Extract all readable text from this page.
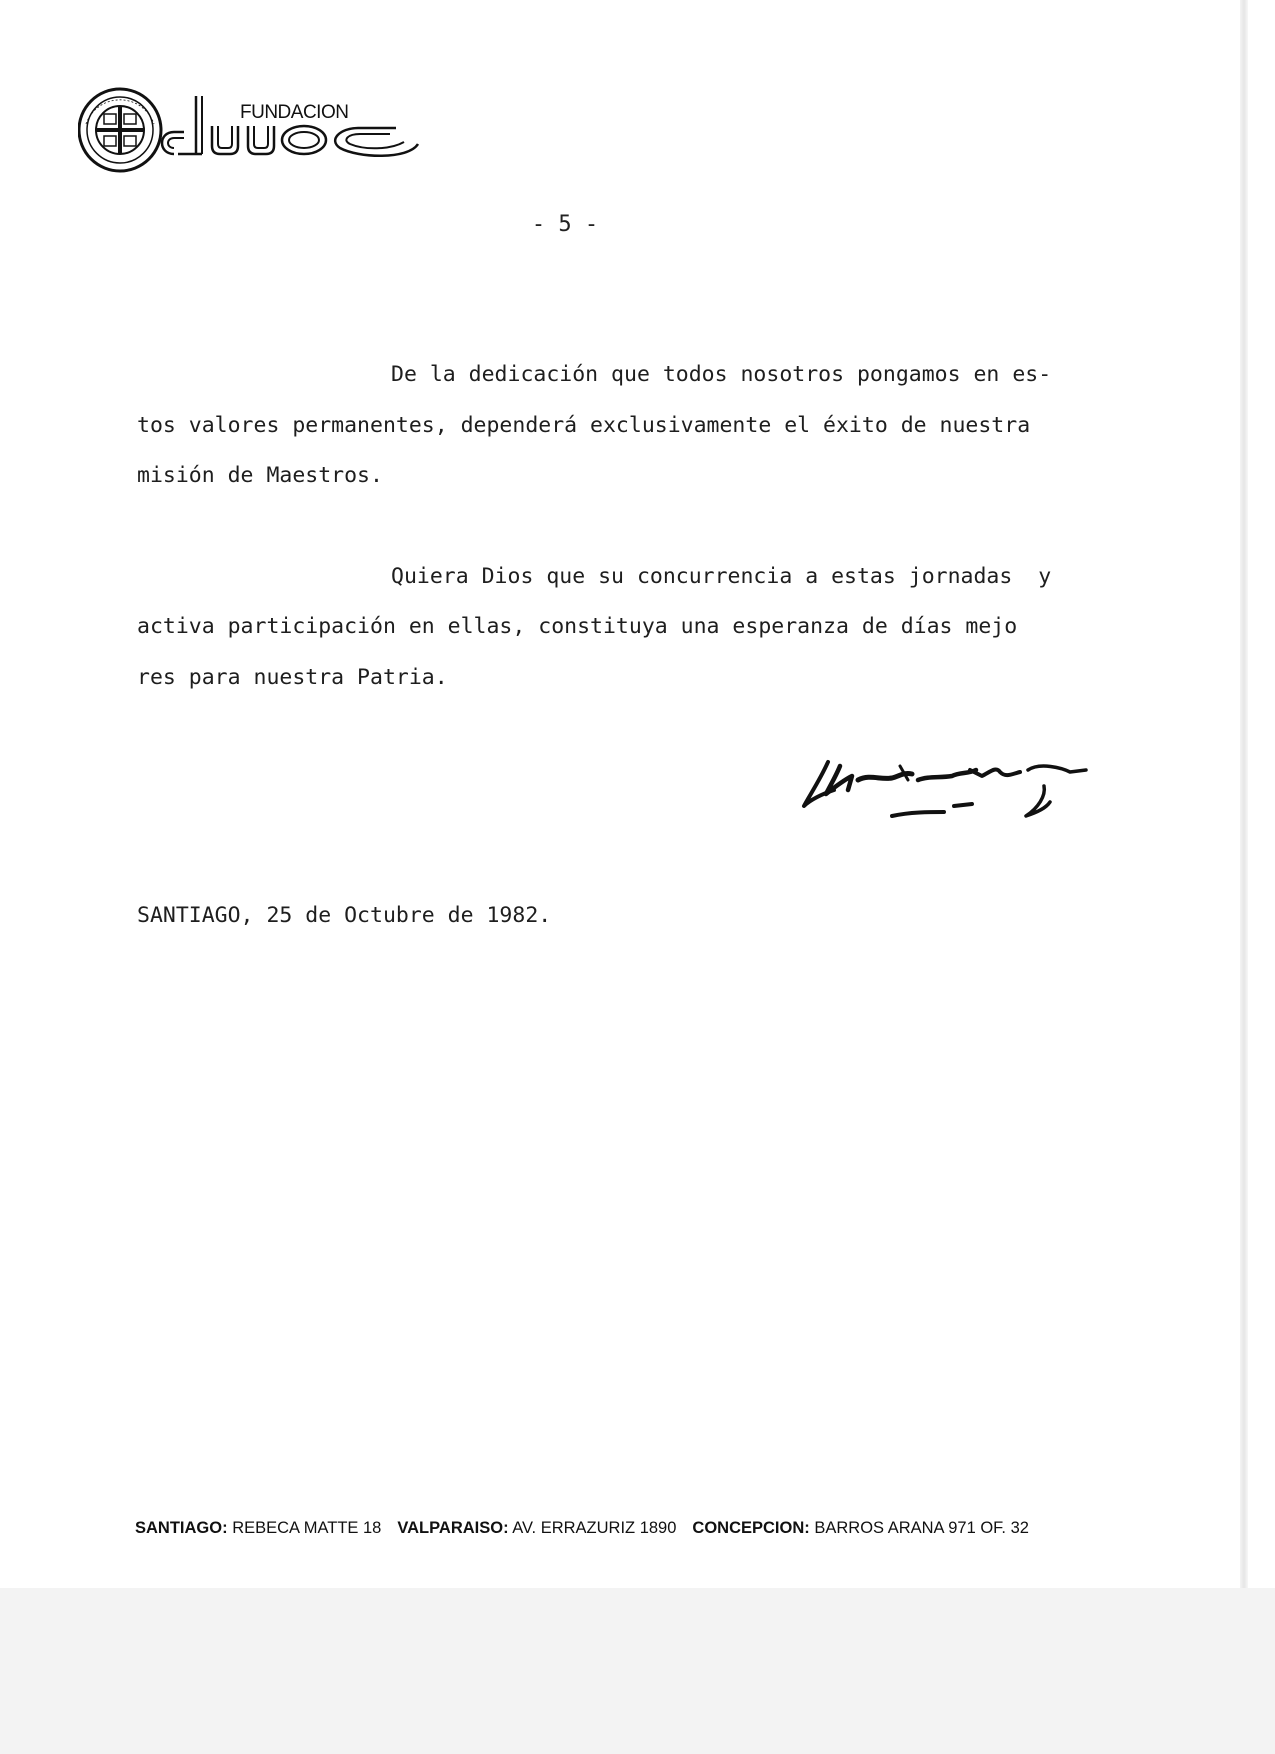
FUNDACION
- 5 -
De la dedicación que todos nosotros pongamos en es-
tos valores permanentes, dependerá exclusivamente el éxito de nuestra
misión de Maestros.
Quiera Dios que su concurrencia a estas jornadas  y
activa participación en ellas, constituya una esperanza de días mejo
res para nuestra Patria.
SANTIAGO, 25 de Octubre de 1982.
SANTIAGO: REBECA MATTE 18 VALPARAISO: AV. ERRAZURIZ 1890 CONCEPCION: BARROS ARANA 971 OF. 32
